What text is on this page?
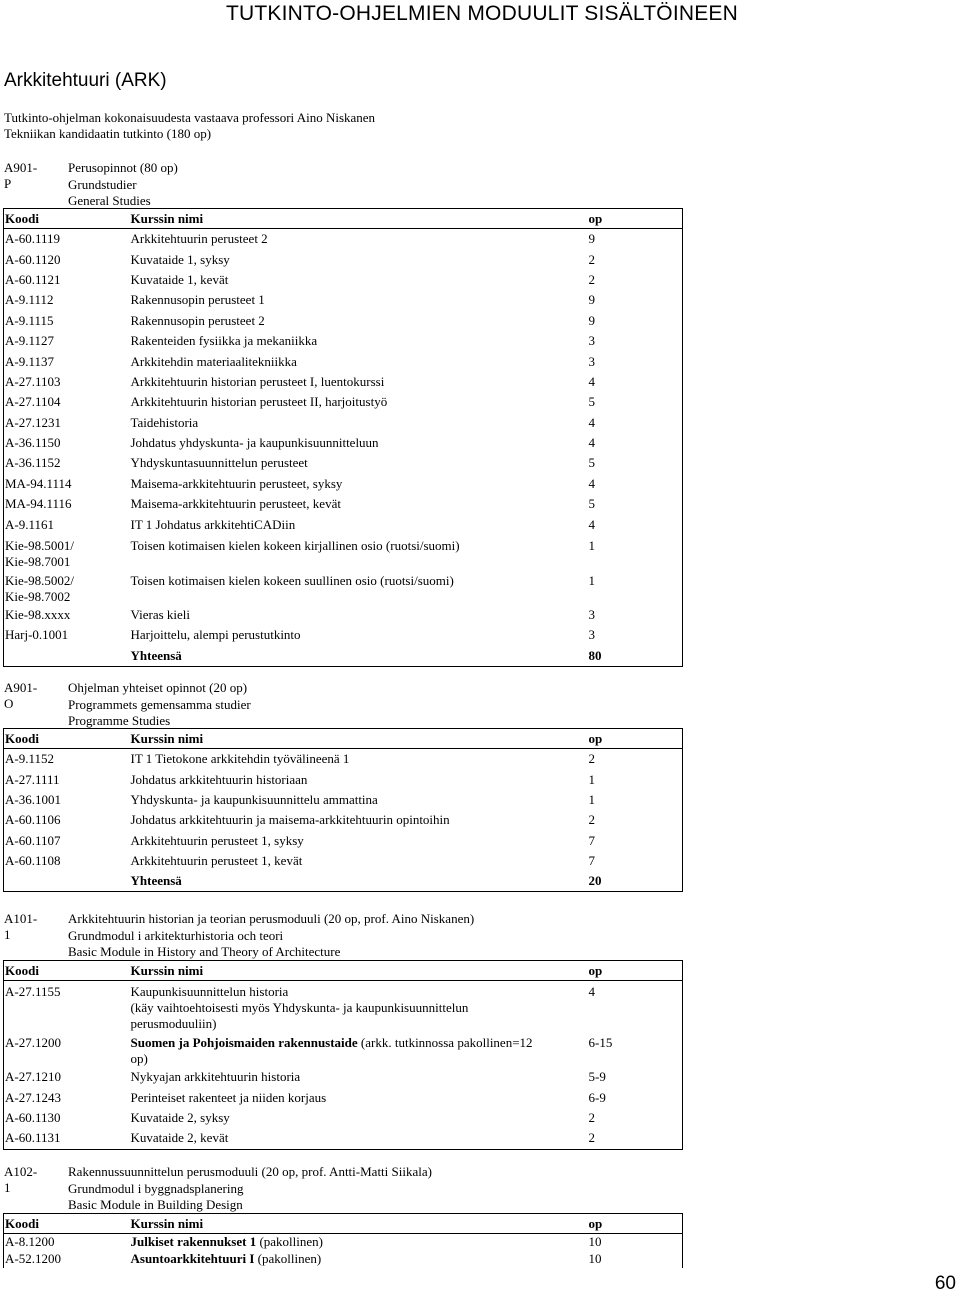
TUTKINTO-OHJELMIEN MODUULIT SISÄLTÖINEEN
Arkkitehtuuri (ARK)
Tutkinto-ohjelman kokonaisuudesta vastaava professori Aino Niskanen
Tekniikan kandidaatin tutkinto (180 op)
A901-P
Perusopinnot (80 op)
Grundstudier
General Studies
Koodi	Kurssin nimi	op
A-60.1119	Arkkitehtuurin perusteet 2	9
A-60.1120	Kuvataide 1, syksy	2
A-60.1121	Kuvataide 1, kevät	2
A-9.1112	Rakennusopin perusteet 1	9
A-9.1115	Rakennusopin perusteet 2	9
A-9.1127	Rakenteiden fysiikka ja mekaniikka	3
A-9.1137	Arkkitehdin materiaalitekniikka	3
A-27.1103	Arkkitehtuurin historian perusteet I, luentokurssi	4
A-27.1104	Arkkitehtuurin historian perusteet II, harjoitustyö	5
A-27.1231	Taidehistoria	4
A-36.1150	Johdatus yhdyskunta- ja kaupunkisuunnitteluun	4
A-36.1152	Yhdyskuntasuunnittelun perusteet	5
MA-94.1114	Maisema-arkkitehtuurin perusteet, syksy	4
MA-94.1116	Maisema-arkkitehtuurin perusteet, kevät	5
A-9.1161	IT 1 Johdatus arkkitehtiCADiin	4

Kie-98.5001/
Kie-98.7001	Toisen kotimaisen kielen kokeen kirjallinen osio (ruotsi/suomi)	1

Kie-98.5002/
Kie-98.7002	Toisen kotimaisen kielen kokeen suullinen osio (ruotsi/suomi)	1
Kie-98.xxxx	Vieras kieli	3
Harj-0.1001	Harjoittelu, alempi perustutkinto	3
	Yhteensä	80
A901-O
Ohjelman yhteiset opinnot (20 op)
Programmets gemensamma studier
Programme Studies
Koodi	Kurssin nimi	op
A-9.1152	IT 1 Tietokone arkkitehdin työvälineenä 1	2
A-27.1111	Johdatus arkkitehtuurin historiaan	1
A-36.1001	Yhdyskunta- ja kaupunkisuunnittelu ammattina	1
A-60.1106	Johdatus arkkitehtuurin ja maisema-arkkitehtuurin opintoihin	2
A-60.1107	Arkkitehtuurin perusteet 1, syksy	7
A-60.1108	Arkkitehtuurin perusteet 1, kevät	7
	Yhteensä	20
A101-1
Arkkitehtuurin historian ja teorian perusmoduuli (20 op, prof. Aino Niskanen)
Grundmodul i arkitekturhistoria och teori
Basic Module in History and Theory of Architecture
Koodi	Kurssin nimi	op
A-27.1155	Kaupunkisuunnittelun historia
(käy vaihtoehtoisesti myös Yhdyskunta- ja kaupunkisuunnittelun
perusmoduuliin)	4
A-27.1200	Suomen ja Pohjoismaiden rakennustaide (arkk. tutkinnossa pakollinen=12
op)	6-15
A-27.1210	Nykyajan arkkitehtuurin historia	5-9
A-27.1243	Perinteiset rakenteet ja niiden korjaus	6-9
A-60.1130	Kuvataide 2, syksy	2
A-60.1131	Kuvataide 2, kevät	2
A102-1
Rakennussuunnittelun perusmoduuli (20 op, prof. Antti-Matti Siikala)
Grundmodul i byggnadsplanering
Basic Module in Building Design
Koodi	Kurssin nimi	op
A-8.1200	Julkiset rakennukset 1 (pakollinen)	10
A-52.1200	Asuntoarkkitehtuuri I (pakollinen)	10
60
